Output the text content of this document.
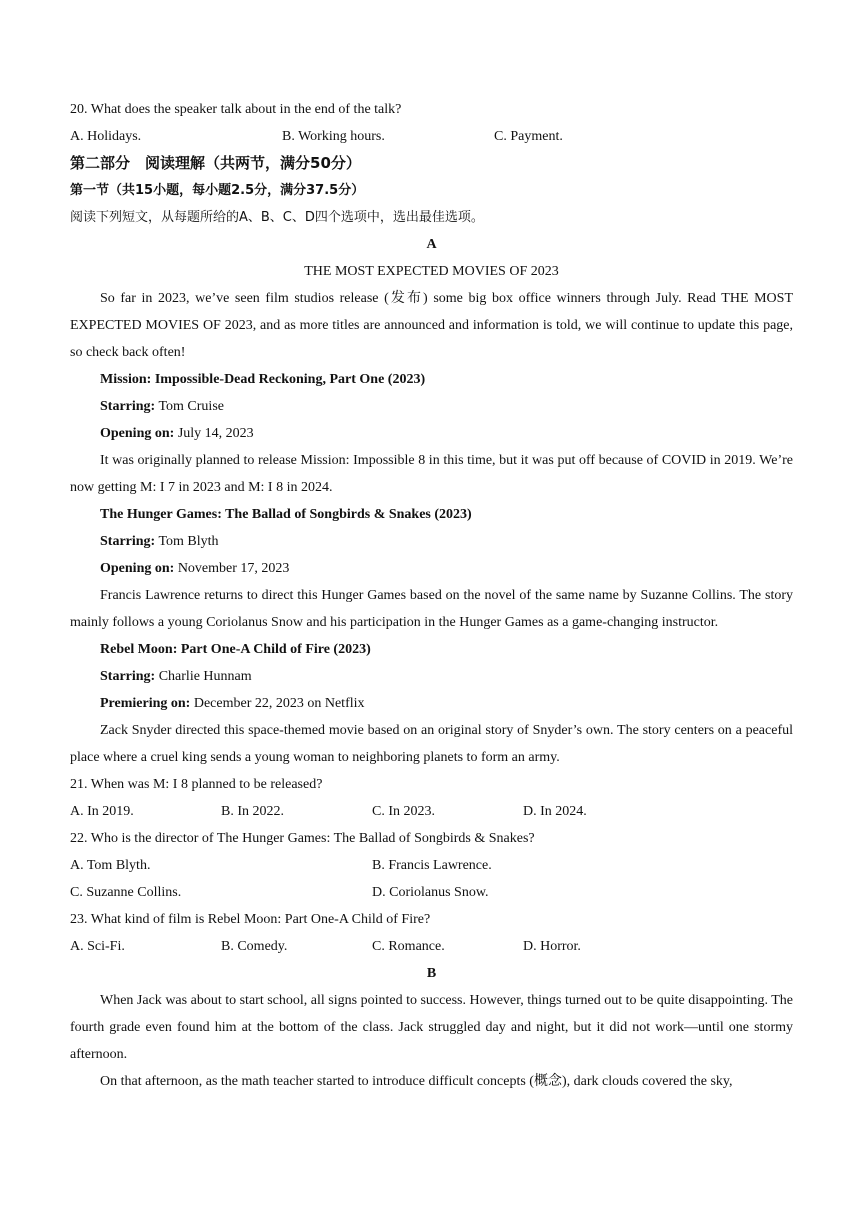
20. What does the speaker talk about in the end of the talk?
A. Holidays.	B. Working hours.	C. Payment.
第二部分　阅读理解（共两节，满分50分）
第一节（共15小题，每小题2.5分，满分37.5分）
阅读下列短文，从每题所给的A、B、C、D四个选项中，选出最佳选项。
A
THE MOST EXPECTED MOVIES OF 2023

So far in 2023, we’ve seen film studios release (发布) some big box office winners through July. Read THE MOST EXPECTED MOVIES OF 2023, and as more titles are announced and information is told, we will continue to update this page, so check back often!

Mission: Impossible-Dead Reckoning, Part One (2023)
Starring: Tom Cruise
Opening on: July 14, 2023

It was originally planned to release Mission: Impossible 8 in this time, but it was put off because of COVID in 2019. We’re now getting M: I 7 in 2023 and M: I 8 in 2024.

The Hunger Games: The Ballad of Songbirds & Snakes (2023)
Starring: Tom Blyth
Opening on: November 17, 2023

Francis Lawrence returns to direct this Hunger Games based on the novel of the same name by Suzanne Collins. The story mainly follows a young Coriolanus Snow and his participation in the Hunger Games as a game-changing instructor.

Rebel Moon: Part One-A Child of Fire (2023)
Starring: Charlie Hunnam
Premiering on: December 22, 2023 on Netflix

Zack Snyder directed this space-themed movie based on an original story of Snyder’s own. The story centers on a peaceful place where a cruel king sends a young woman to neighboring planets to form an army.

21. When was M: I 8 planned to be released?
A. In 2019.	B. In 2022.	C. In 2023.	D. In 2024.
22. Who is the director of The Hunger Games: The Ballad of Songbirds & Snakes?
A. Tom Blyth.	B. Francis Lawrence.
C. Suzanne Collins.	D. Coriolanus Snow.
23. What kind of film is Rebel Moon: Part One-A Child of Fire?
A. Sci-Fi.	B. Comedy.	C. Romance.	D. Horror.
B

When Jack was about to start school, all signs pointed to success. However, things turned out to be quite disappointing. The fourth grade even found him at the bottom of the class. Jack struggled day and night, but it did not work—until one stormy afternoon.

On that afternoon, as the math teacher started to introduce difficult concepts (概念), dark clouds covered the sky,
